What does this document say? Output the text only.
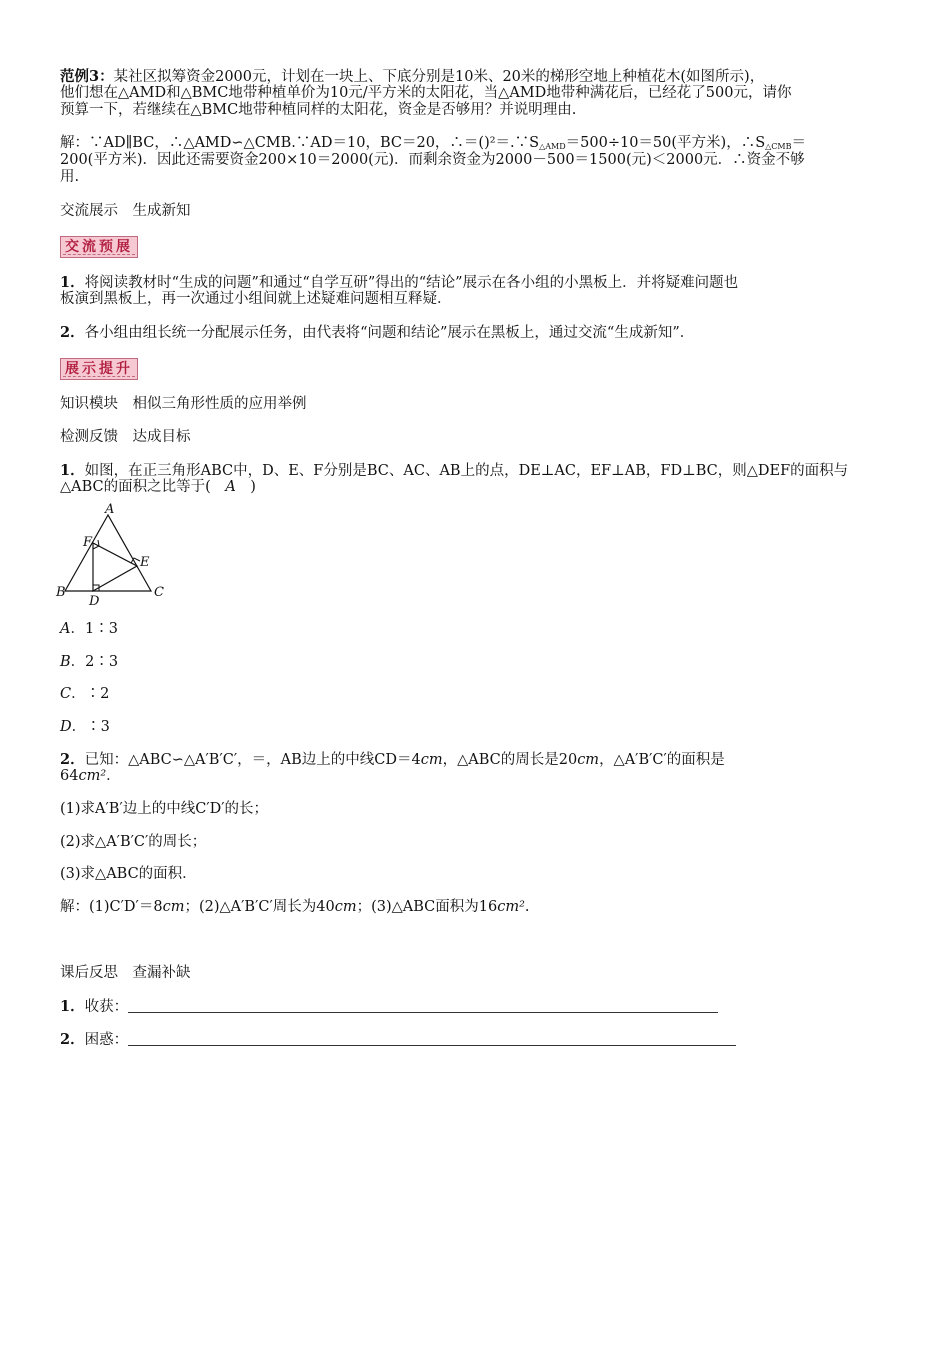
范例3：某社区拟筹资金2000元，计划在一块上、下底分别是10米、20米的梯形空地上种植花木(如图所示)，

他们想在△AMD和△BMC地带种植单价为10元/平方米的太阳花，当△AMD地带种满花后，已经花了500元，请你

预算一下，若继续在△BMC地带种植同样的太阳花，资金是否够用？并说明理由.

解：∵AD∥BC，∴△AMD∽△CMB.∵AD＝10，BC＝20，$\therefore=()^2=.\because S_{\triangle AMD}=500\div 10=50$(平方米)，$\therefore S_{\triangle CMB}=$

200(平方米)．因此还需要资金200×10＝2000(元)．而剩余资金为2000－500＝1500(元)＜2000元．∴资金不够

用.

交流展示　生成新知

交流预展

1．将阅读教材时“生成的问题”和通过“自学互研”得出的“结论”展示在各小组的小黑板上．并将疑难问题也

板演到黑板上，再一次通过小组间就上述疑难问题相互释疑．

2．各小组由组长统一分配展示任务，由代表将“问题和结论”展示在黑板上，通过交流“生成新知”．

展示提升

知识模块　相似三角形性质的应用举例

检测反馈　达成目标

1．如图，在正三角形ABC中，D、E、F分别是BC、AC、AB上的点，DE⊥AC，EF⊥AB，FD⊥BC，则△DEF的面积与

△ABC的面积之比等于(　 A　 )

A
B	C
D
E
F

A．1∶3

B．2∶3

C．∶2

D．∶3

2．已知：△ABC∽△A′B′C′，＝，AB边上的中线CD＝4cm，△ABC的周长是20cm，△A′B′C′的面积是

64cm²．

(1)求A′B′边上的中线C′D′的长；

(2)求△A′B′C′的周长；

(3)求△ABC的面积．

解：(1)C′D′＝8cm；(2)△A′B′C′周长为40cm；(3)△ABC面积为16cm².

课后反思　查漏补缺

1．收获：

2．困惑：
